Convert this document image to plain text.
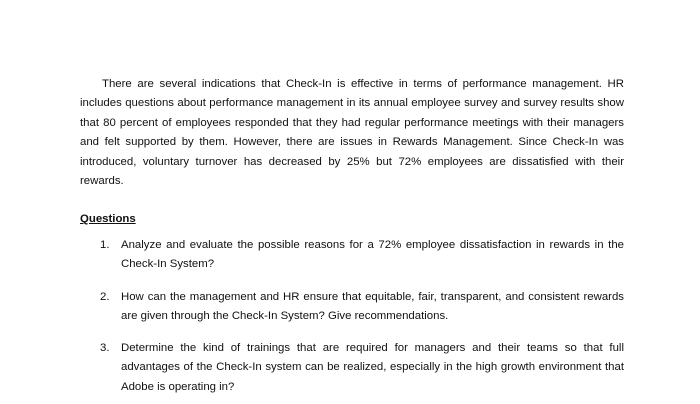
There are several indications that Check-In is effective in terms of performance management. HR includes questions about performance management in its annual employee survey and survey results show that 80 percent of employees responded that they had regular performance meetings with their managers and felt supported by them. However, there are issues in Rewards Management. Since Check-In was introduced, voluntary turnover has decreased by 25% but 72% employees are dissatisfied with their rewards.

Questions

1.	Analyze and evaluate the possible reasons for a 72% employee dissatisfaction in rewards in the Check-In System?
2.	How can the management and HR ensure that equitable, fair, transparent, and consistent rewards are given through the Check-In System? Give recommendations.
3.	Determine the kind of trainings that are required for managers and their teams so that full advantages of the Check-In system can be realized, especially in the high growth environment that Adobe is operating in?
